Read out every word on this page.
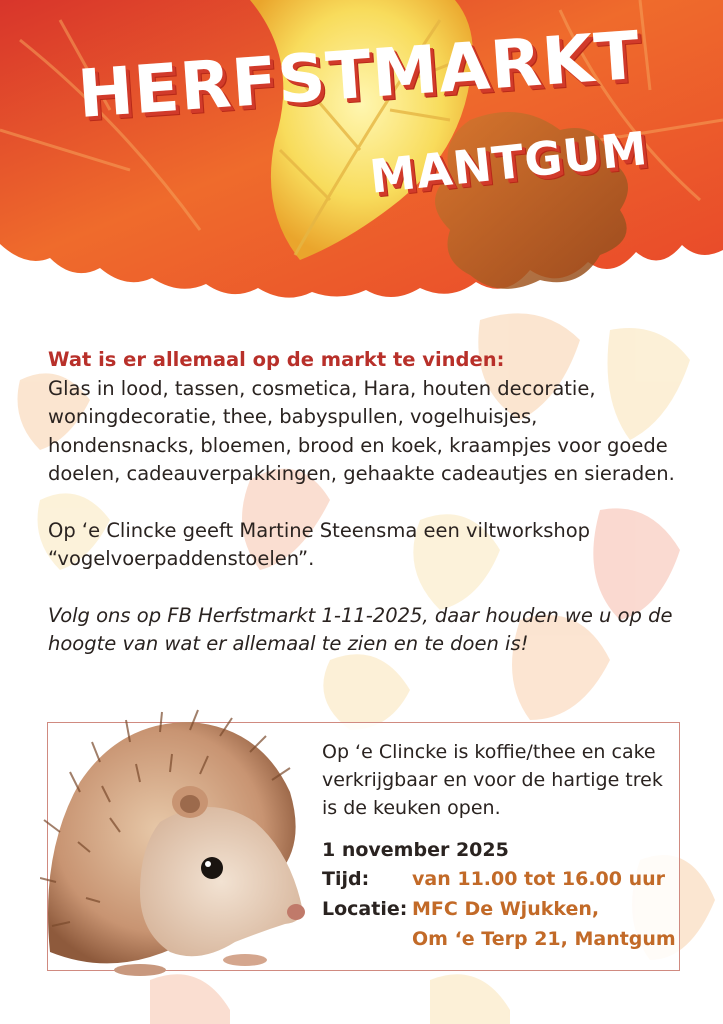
HERFSTMARKT
MANTGUM

Wat is er allemaal op de markt te vinden:

Glas in lood, tassen, cosmetica, Hara, houten decoratie, woningdecoratie, thee, babyspullen, vogelhuisjes, hondensnacks, bloemen, brood en koek, kraampjes voor goede doelen, cadeauverpakkingen, gehaakte cadeautjes en sieraden.

Op ‘e Clincke geeft Martine Steensma een viltworkshop “vogelvoerpaddenstoelen”.

Volg ons op FB Herfstmarkt 1-11-2025, daar houden we u op de hoogte van wat er allemaal te zien en te doen is!

Op ‘e Clincke is koffie/thee en cake verkrijgbaar en voor de hartige trek is de keuken open.

1 november 2025

Tijd:	van 11.00 tot 16.00 uur

Locatie: MFC De Wjukken,

Om ‘e Terp 21, Mantgum
